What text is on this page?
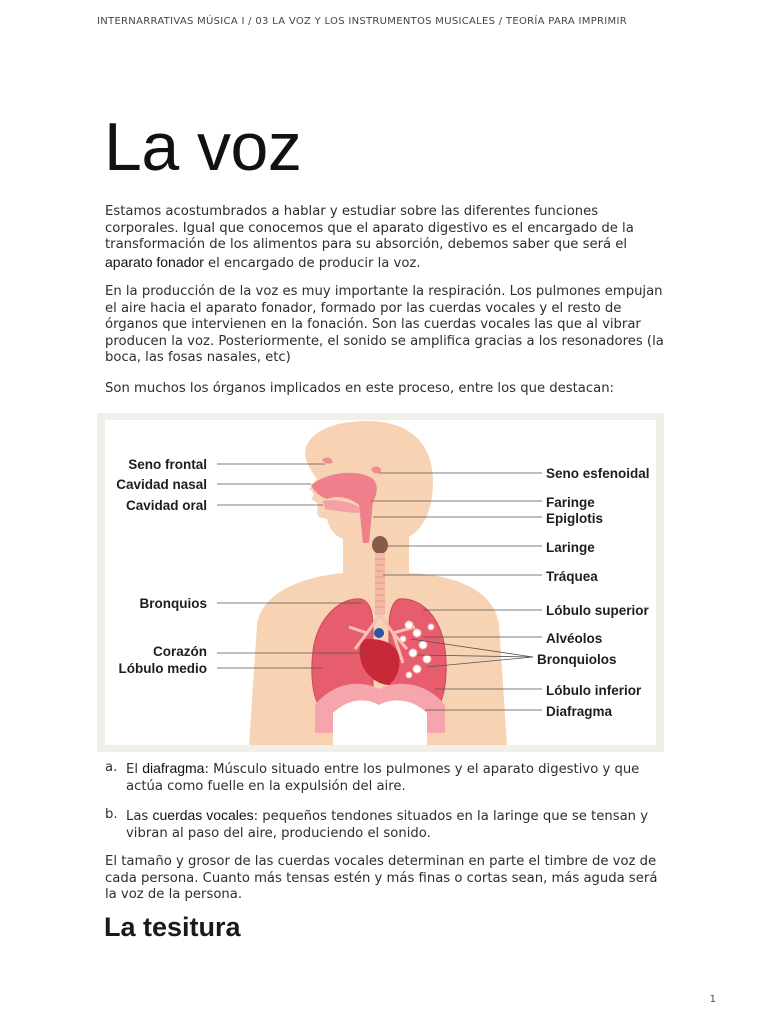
INTERNARRATIVAS MÚSICA I / 03 LA VOZ Y LOS INSTRUMENTOS MUSICALES / TEORÍA PARA IMPRIMIR
La voz

Estamos acostumbrados a hablar y estudiar sobre las diferentes funciones corporales. Igual que conocemos que el aparato digestivo es el encargado de la transformación de los alimentos para su absorción, debemos saber que será el aparato fonador el encargado de producir la voz.

En la producción de la voz es muy importante la respiración. Los pulmones empujan el aire hacia el aparato fonador, formado por las cuerdas vocales y el resto de órganos que intervienen en la fonación. Son las cuerdas vocales las que al vibrar producen la voz. Posteriormente, el sonido se amplifica gracias a los resonadores (la boca, las fosas nasales, etc)

Son muchos los órganos implicados en este proceso, entre los que destacan:

Seno frontal
Cavidad nasal
Cavidad oral
Bronquios
Corazón
Lóbulo medio
Seno esfenoidal
Faringe
Epiglotis
Laringe
Tráquea
Lóbulo superior
Alvéolos
Bronquiolos
Lóbulo inferior
Diafragma
a. El diafragma: Músculo situado entre los pulmones y el aparato digestivo y que actúa como fuelle en la expulsión del aire.
b. Las cuerdas vocales: pequeños tendones situados en la laringe que se tensan y vibran al paso del aire, produciendo el sonido.

El tamaño y grosor de las cuerdas vocales determinan en parte el timbre de voz de cada persona. Cuanto más tensas estén y más finas o cortas sean, más aguda será la voz de la persona.

La tesitura
1
